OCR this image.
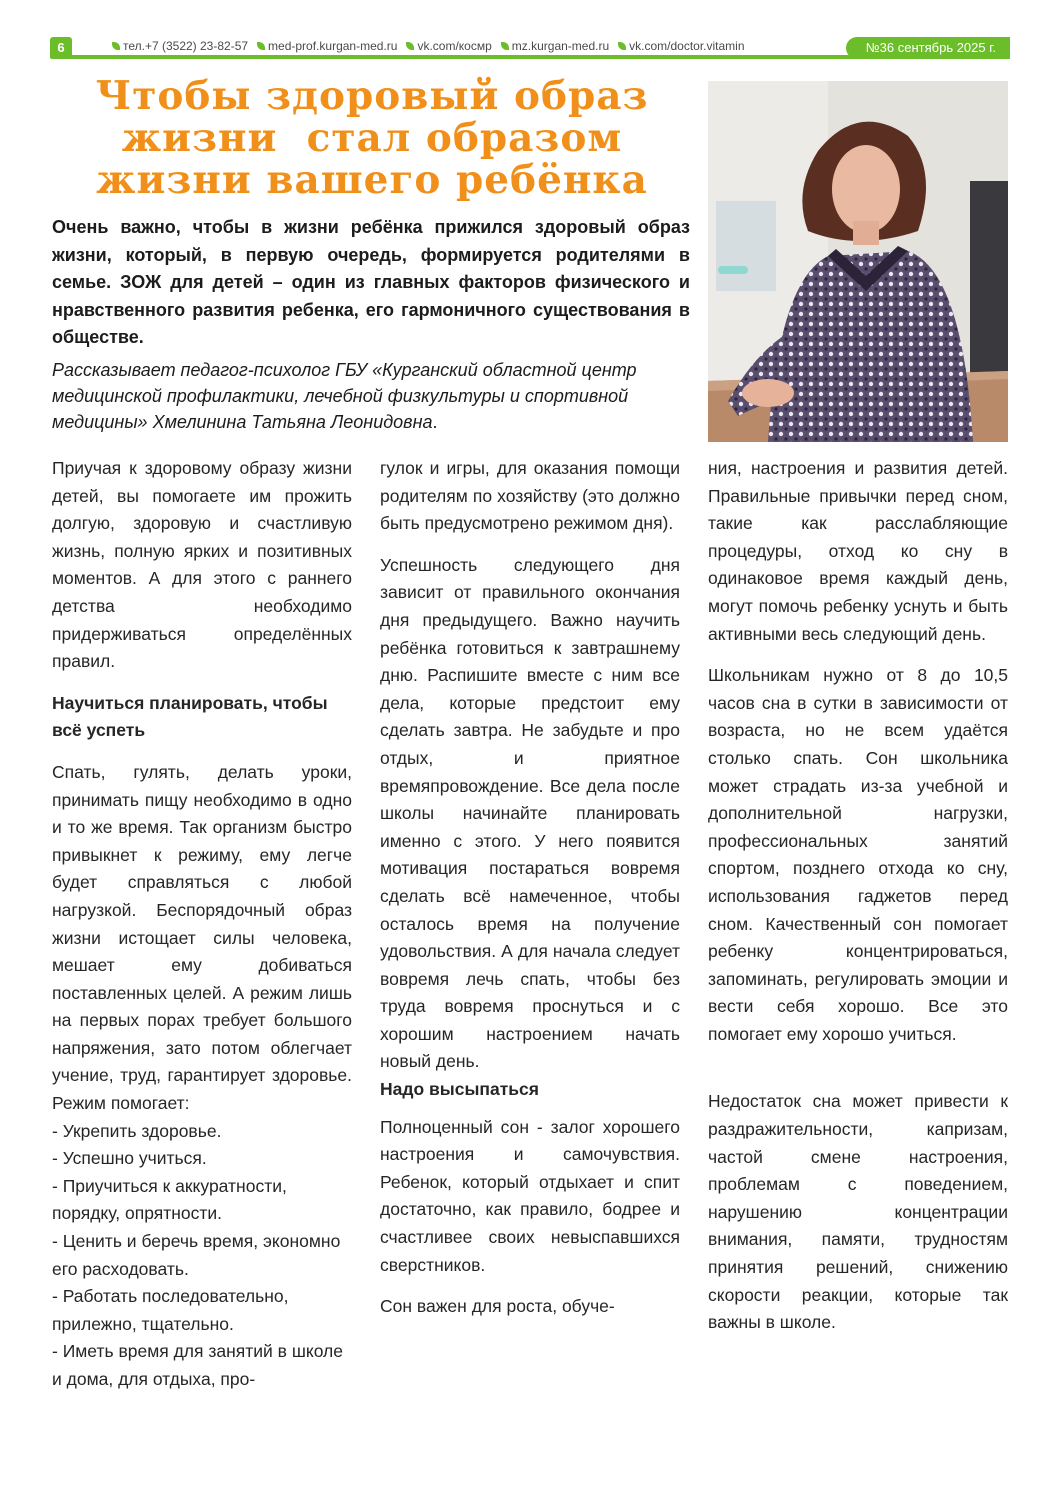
6	тел.+7 (3522) 23-82-57 med-prof.kurgan-med.ru vk.com/космр mz.kurgan-med.ru vk.com/doctor.vitamin	№36 сентябрь 2025 г.
Чтобы здоровый образ
жизни  стал образом
жизни вашего ребёнка
Очень важно, чтобы в жизни ребёнка прижился здоровый образ жизни, который, в первую очередь, формируется родителями в семье. ЗОЖ для детей – один из главных факторов физического и нравственного развития ребенка, его гармоничного существования в обществе.
Рассказывает педагог-психолог ГБУ «Курганский областной центр медицинской профилактики, лечебной физкультуры и спортивной медицины» Хмелинина Татьяна Леонидовна.

Приучая к здоровому образу жизни детей, вы помогаете им прожить долгую, здоровую и счастливую жизнь, полную ярких и позитивных моментов. А для этого с раннего детства необходимо придерживаться определённых правил.

Научиться планировать, чтобы всё успеть

Спать, гулять, делать уроки, принимать пищу необходимо в одно и то же время. Так организм быстро привыкнет к режиму, ему легче будет справляться с любой нагрузкой. Беспорядочный образ жизни истощает силы человека, мешает ему добиваться поставленных целей. А режим лишь на первых порах требует большого напряжения, зато потом облегчает учение, труд, гарантирует здоровье. Режим помогает:

- Укрепить здоровье.
- Успешно учиться.
- Приучиться к аккуратности, порядку, опрятности.
- Ценить и беречь время, экономно его расходовать.
- Работать последовательно, прилежно, тщательно.
- Иметь время для занятий в школе и дома, для отдыха, про-

гулок и игры, для оказания помощи родителям по хозяйству (это должно быть предусмотрено режимом дня).

Успешность следующего дня зависит от правильного окончания дня предыдущего. Важно научить ребёнка готовиться к завтрашнему дню. Распишите вместе с ним все дела, которые предстоит ему сделать завтра. Не забудьте и про отдых, и приятное времяпровождение. Все дела после школы начинайте планировать именно с этого. У него появится мотивация постараться вовремя сделать всё намеченное, чтобы осталось время на получение удовольствия. А для начала следует вовремя лечь спать, чтобы без труда вовремя проснуться и с хорошим настроением начать новый день.

Надо высыпаться

Полноценный сон - залог хорошего настроения и самочувствия. Ребенок, который отдыхает и спит достаточно, как правило, бодрее и счастливее своих невыспавшихся сверстников.

Сон важен для роста, обуче-

ния, настроения и развития детей. Правильные привычки перед сном, такие как расслабляющие процедуры, отход ко сну в одинаковое время каждый день, могут помочь ребенку уснуть и быть активными весь следующий день.

Школьникам нужно от 8 до 10,5 часов сна в сутки в зависимости от возраста, но не всем удаётся столько спать. Сон школьника может страдать из-за учебной и дополнительной нагрузки, профессиональных занятий спортом, позднего отхода ко сну, использования гаджетов перед сном. Качественный сон помогает ребенку концентрироваться, запоминать, регулировать эмоции и вести себя хорошо. Все это помогает ему хорошо учиться.

Недостаток сна может привести к раздражительности, капризам, частой смене настроения, проблемам с поведением, нарушению концентрации внимания, памяти, трудностям принятия решений, снижению скорости реакции, которые так важны в школе.
